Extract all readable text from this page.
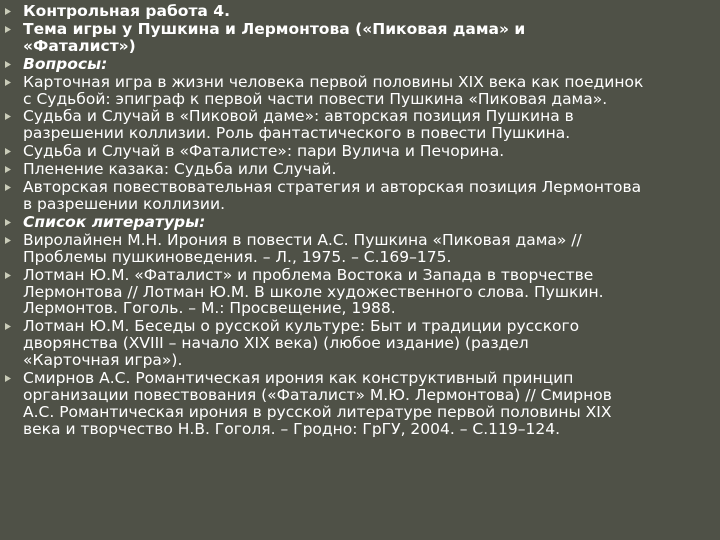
Контрольная работа 4.
Тема игры у Пушкина и Лермонтова («Пиковая дама» и
«Фаталист»)
Вопросы:
Карточная игра в жизни человека первой половины XIX века как поединок
с Судьбой: эпиграф к первой части повести Пушкина «Пиковая дама».
Судьба и Случай в «Пиковой даме»: авторская позиция Пушкина в
разрешении коллизии. Роль фантастического в повести Пушкина.
Судьба и Случай в «Фаталисте»: пари Вулича и Печорина.
Пленение казака: Судьба или Случай.
Авторская повествовательная стратегия и авторская позиция Лермонтова
в разрешении коллизии.
Список литературы:
Виролайнен М.Н. Ирония в повести А.С. Пушкина «Пиковая дама» //
Проблемы пушкиноведения. – Л., 1975. – С.169–175.
Лотман Ю.М. «Фаталист» и проблема Востока и Запада в творчестве
Лермонтова // Лотман Ю.М. В школе художественного слова. Пушкин.
Лермонтов. Гоголь. – М.: Просвещение, 1988.
Лотман Ю.М. Беседы о русской культуре: Быт и традиции русского
дворянства (XVIII – начало XIX века) (любое издание) (раздел
«Карточная игра»).
Смирнов А.С. Романтическая ирония как конструктивный принцип
организации повествования («Фаталист» М.Ю. Лермонтова) // Смирнов
А.С. Романтическая ирония в русской литературе первой половины XIX
века и творчество Н.В. Гоголя. – Гродно: ГрГУ, 2004. – С.119–124.
